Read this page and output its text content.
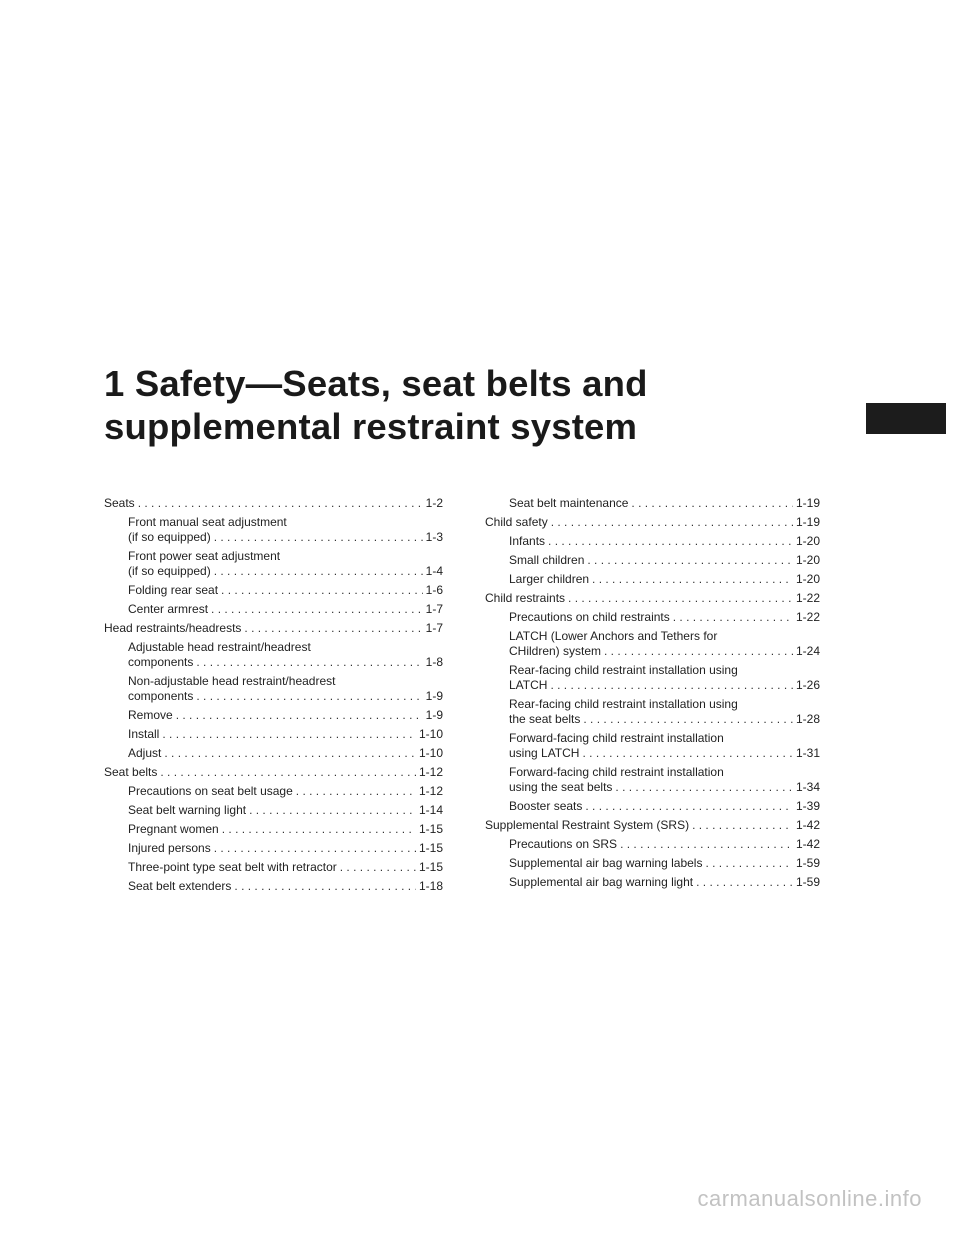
1 Safety—Seats, seat belts and
supplemental restraint system
Seats . . .	1-2
Front manual seat adjustment
(if so equipped) . . .	1-3
Front power seat adjustment
(if so equipped) . . .	1-4
Folding rear seat . . .	1-6
Center armrest . . .	1-7
Head restraints/headrests . . .	1-7
Adjustable head restraint/headrest
components . . .	1-8
Non-adjustable head restraint/headrest
components . . .	1-9
Remove . . .	1-9
Install . . .	1-10
Adjust . . .	1-10
Seat belts . . .	1-12
Precautions on seat belt usage . . .	1-12
Seat belt warning light . . .	1-14
Pregnant women . . .	1-15
Injured persons . . .	1-15
Three-point type seat belt with retractor . . .	1-15
Seat belt extenders . . .	1-18
Seat belt maintenance . . .	1-19
Child safety . . .	1-19
Infants . . .	1-20
Small children . . .	1-20
Larger children . . .	1-20
Child restraints . . .	1-22
Precautions on child restraints . . .	1-22
LATCH (Lower Anchors and Tethers for
CHildren) system . . .	1-24
Rear-facing child restraint installation using
LATCH . . .	1-26
Rear-facing child restraint installation using
the seat belts . . .	1-28
Forward-facing child restraint installation
using LATCH . . .	1-31
Forward-facing child restraint installation
using the seat belts . . .	1-34
Booster seats . . .	1-39
Supplemental Restraint System (SRS) . . .	1-42
Precautions on SRS . . .	1-42
Supplemental air bag warning labels . . .	1-59
Supplemental air bag warning light . . .	1-59
carmanualsonline.info
